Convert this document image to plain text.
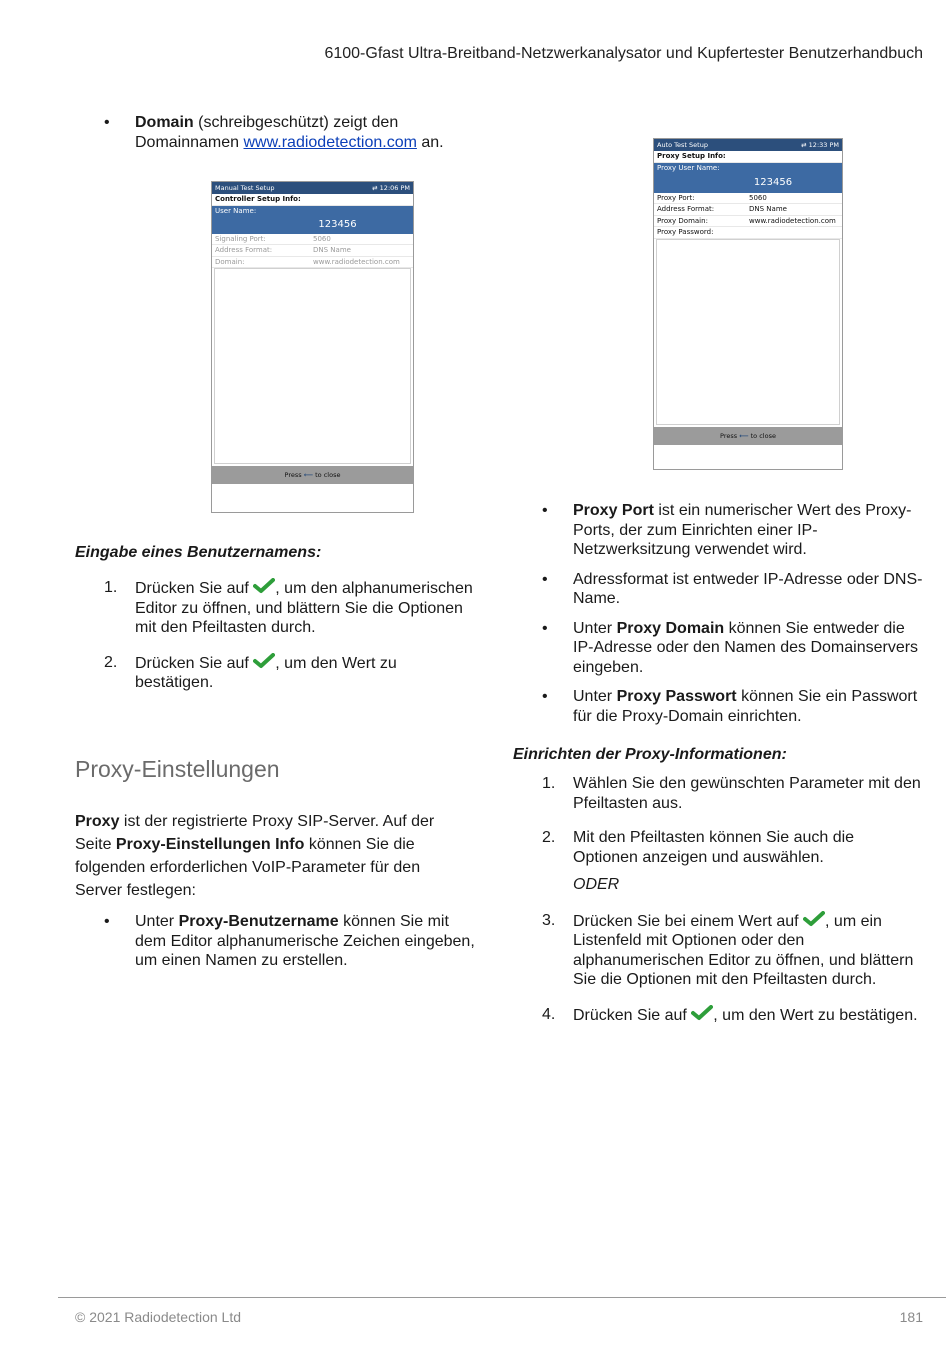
6100-Gfast Ultra-Breitband-Netzwerkanalysator und Kupfertester Benutzerhandbuch
• Domain (schreibgeschützt) zeigt den Domainnamen www.radiodetection.com an.
Manual Test Setup	⇄ 12:06 PM
Controller Setup Info:
User Name:
123456
Signaling Port:	5060
Address Format:	DNS Name
Domain:	www.radiodetection.com
Press ⟵ to close
Eingabe eines Benutzernamens:
1. Drücken Sie auf
, um den alphanumerischen Editor zu öffnen, und blättern Sie die Optionen mit den Pfeiltasten durch.
2. Drücken Sie auf
, um den Wert zu bestätigen.
Proxy-Einstellungen
Proxy ist der registrierte Proxy SIP-Server. Auf der Seite Proxy-Einstellungen Info können Sie die folgenden erforderlichen VoIP-Parameter für den Server festlegen:
• Unter Proxy-Benutzername können Sie mit dem Editor alphanumerische Zeichen eingeben, um einen Namen zu erstellen.
Auto Test Setup	⇄ 12:33 PM
Proxy Setup Info:
Proxy User Name:
123456
Proxy Port:	5060
Address Format:	DNS Name
Proxy Domain:	www.radiodetection.com
Proxy Password:
Press ⟵ to close
• Proxy Port ist ein numerischer Wert des Proxy-Ports, der zum Einrichten einer IP-Netzwerksitzung verwendet wird.
• Adressformat ist entweder IP-Adresse oder DNS-Name.
• Unter Proxy Domain können Sie entweder die IP-Adresse oder den Namen des Domainservers eingeben.
• Unter Proxy Passwort können Sie ein Passwort für die Proxy-Domain einrichten.
Einrichten der Proxy-Informationen:
1. Wählen Sie den gewünschten Parameter mit den Pfeiltasten aus.
2. Mit den Pfeiltasten können Sie auch die Optionen anzeigen und auswählen.
ODER
3. Drücken Sie bei einem Wert auf
, um ein Listenfeld mit Optionen oder den alphanumerischen Editor zu öffnen, und blättern Sie die Optionen mit den Pfeiltasten durch.
4. Drücken Sie auf
, um den Wert zu bestätigen.
© 2021 Radiodetection Ltd	181
